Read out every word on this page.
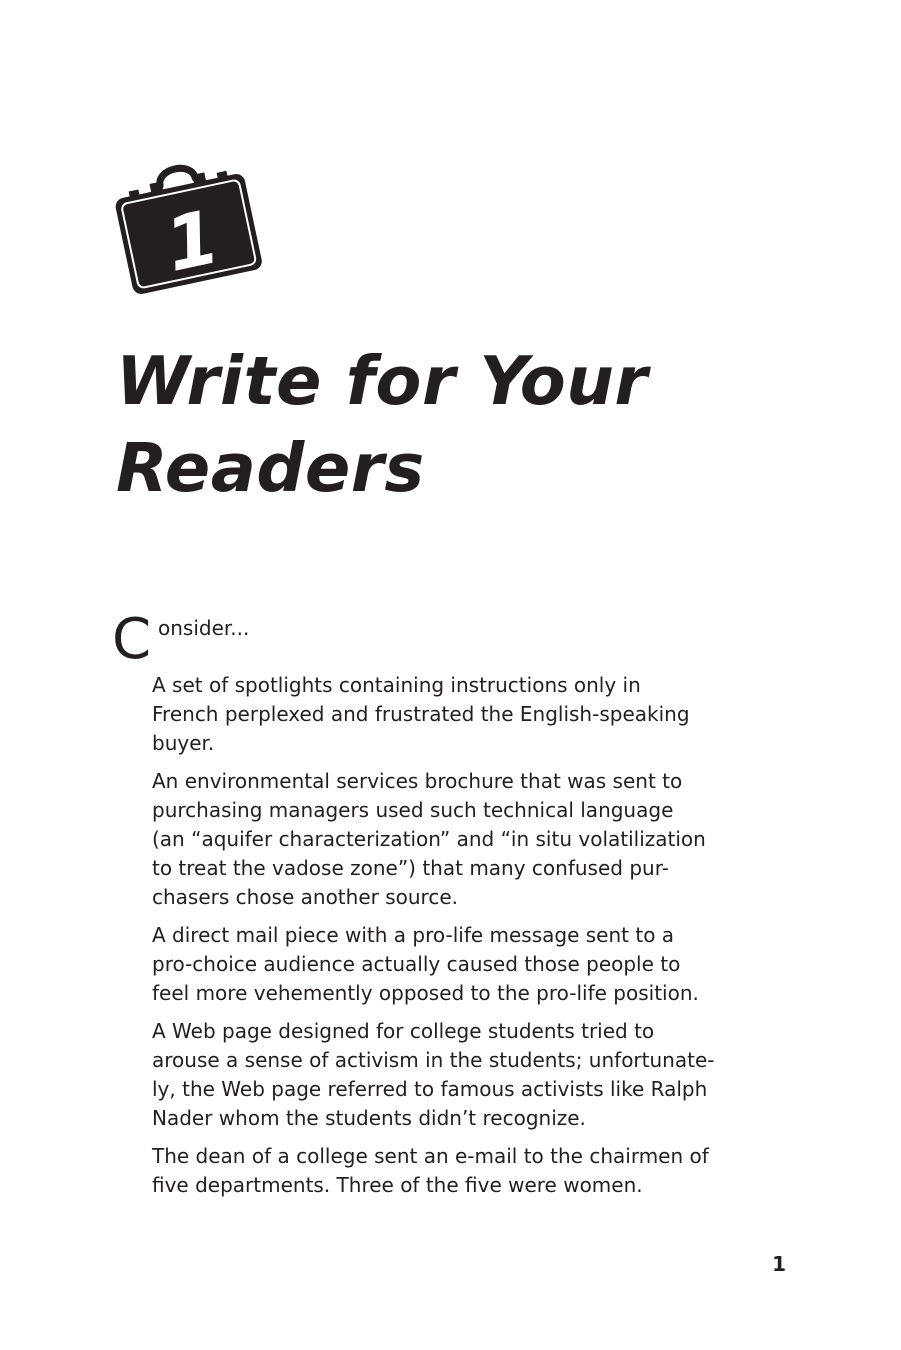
1
Write for Your
Readers
C onsider...

A set of spotlights containing instructions only in
French perplexed and frustrated the English-speaking
buyer.

An environmental services brochure that was sent to
purchasing managers used such technical language
(an “aquifer characterization” and “in situ volatilization
to treat the vadose zone”) that many confused pur-
chasers chose another source.

A direct mail piece with a pro-life message sent to a
pro-choice audience actually caused those people to
feel more vehemently opposed to the pro-life position.

A Web page designed for college students tried to
arouse a sense of activism in the students; unfortunate-
ly, the Web page referred to famous activists like Ralph
Nader whom the students didn’t recognize.

The dean of a college sent an e-mail to the chairmen of
five departments. Three of the five were women.

1
